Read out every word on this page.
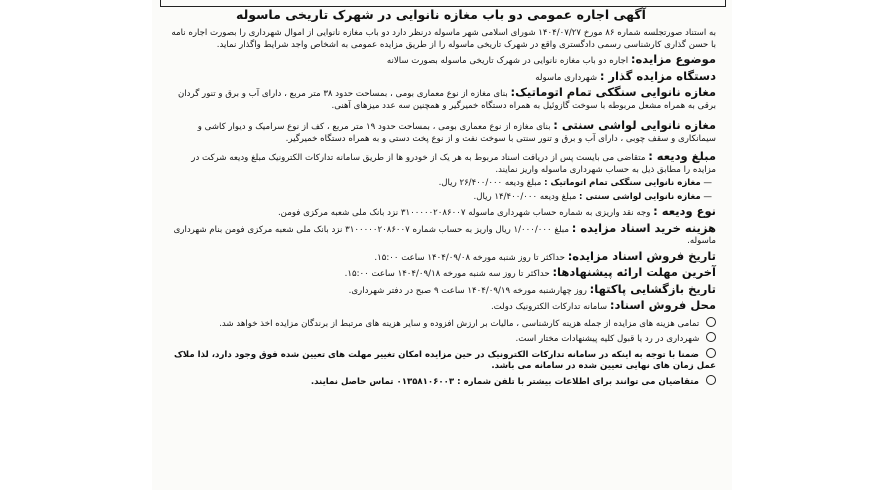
آگهی اجاره عمومی دو باب مغازه نانوایی در شهرک تاریخی ماسوله
به استناد صورتجلسه شماره ۸۶ مورخ ۱۴۰۴/۰۷/۲۷ شورای اسلامی شهر ماسوله درنظر دارد دو باب مغازه نانوایی از اموال شهرداری را بصورت اجاره نامه با حسن گذاری کارشناسی رسمی دادگستری واقع در شهرک تاریخی ماسوله را از طریق مزایده عمومی به اشخاص واجد شرایط واگذار نماید.
موضوع مزایده: اجاره دو باب مغازه نانوایی در شهرک تاریخی ماسوله بصورت سالانه
دستگاه مزایده گذار : شهرداری ماسوله
مغازه نانوایی سنگکی تمام اتوماتیک: بنای مغازه از نوع معماری بومی ، بمساحت حدود ۳۸ متر مربع ، دارای آب و برق و تنور گردان برقی به همراه مشعل مربوطه با سوخت گازوئیل به همراه دستگاه خمیرگیر و همچنین سه عدد میزهای آهنی.
مغازه نانوایی لواشی سنتی : بنای مغازه از نوع معماری بومی ، بمساحت حدود ۱۹ متر مربع ، کف از نوع سرامیک و دیوار کاشی و سیمانکاری و سقف چوبی ، دارای آب و برق و تنور سنتی با سوخت نفت و از نوع پخت دستی و به همراه دستگاه خمیرگیر.
مبلغ ودیعه : متقاضی می بایست پس از دریافت اسناد مربوط به هر یک از خودرو ها از طریق سامانه تدارکات الکترونیک مبلغ ودیعه شرکت در مزایده را مطابق ذیل به حساب شهرداری ماسوله واریز نمایند.
— مغازه نانوایی سنگکی تمام اتوماتیک : مبلغ ودیعه ۲۶/۴۰۰/۰۰۰ ریال.
— مغازه نانوایی لواشی سنتی : مبلغ ودیعه ۱۴/۴۰۰/۰۰۰ ریال.
نوع ودیعه : وجه نقد واریزی به شماره حساب شهرداری ماسوله ۳۱۰۰۰۰۰۲۰۸۶۰۰۷ نزد بانک ملی شعبه مرکزی فومن.
هزینه خرید اسناد مزایده : مبلغ ۱/۰۰۰/۰۰۰ ریال واریز به حساب شماره ۳۱۰۰۰۰۰۲۰۸۶۰۰۷ نزد بانک ملی شعبه مرکزی فومن بنام شهرداری ماسوله.
تاریخ فروش اسناد مزایده: حداکثر تا روز شنبه مورخه ۱۴۰۴/۰۹/۰۸ ساعت ۱۵:۰۰.
آخرین مهلت ارائه پیشنهادها: حداکثر تا روز سه شنبه مورخه ۱۴۰۴/۰۹/۱۸ ساعت ۱۵:۰۰.
تاریخ بازگشایی پاکتها: روز چهارشنبه مورخه ۱۴۰۴/۰۹/۱۹ ساعت ۹ صبح در دفتر شهرداری.
محل فروش اسناد: سامانه تدارکات الکترونیک دولت.
تمامی هزینه های مزایده از جمله هزینه کارشناسی ، مالیات بر ارزش افزوده و سایر هزینه های مرتبط از برندگان مزایده اخذ خواهد شد.
شهرداری در رد یا قبول کلیه پیشنهادات مختار است.
ضمنا با توجه به اینکه در سامانه تدارکات الکترونیک در حین مزایده امکان تغییر مهلت های تعیین شده فوق وجود دارد، لذا ملاک عمل زمان های نهایی تعیین شده در سامانه می باشد.
متقاضیان می توانند برای اطلاعات بیشتر با تلفن شماره : ۰۱۳۵۸۱۰۶۰۰۳ تماس حاصل نمایند.
